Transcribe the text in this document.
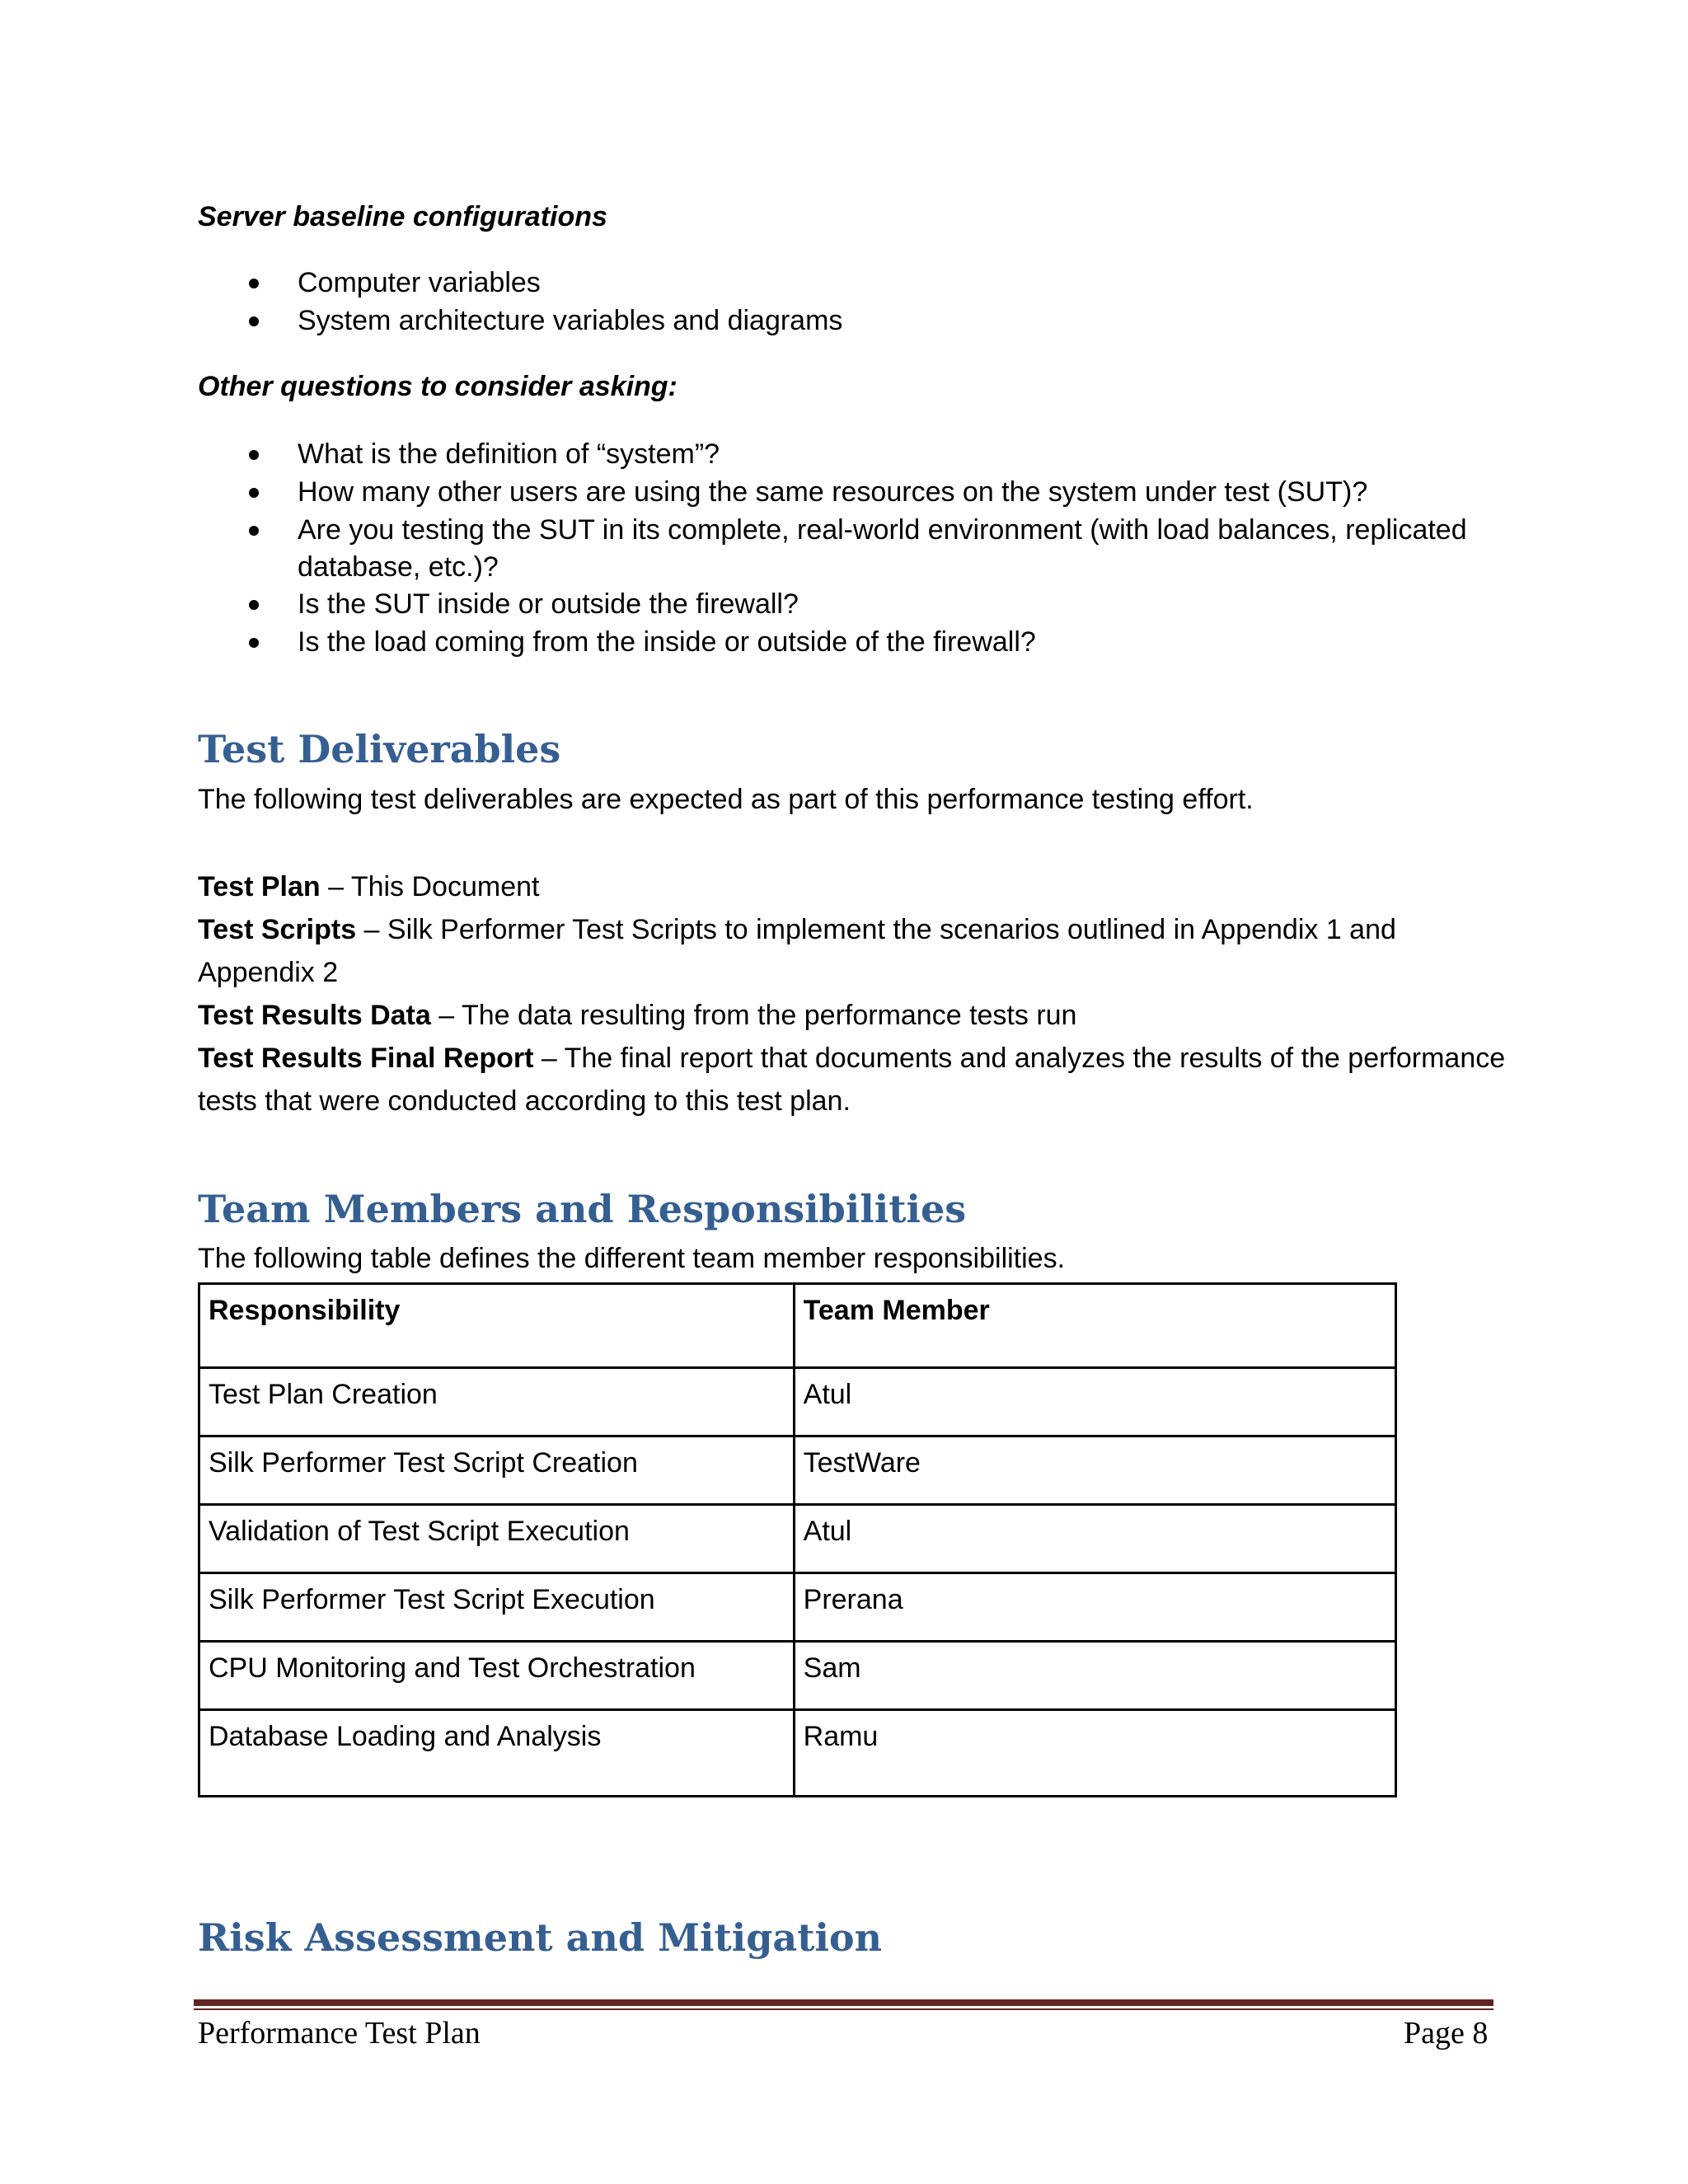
Server baseline configurations
Computer variables
System architecture variables and diagrams
Other questions to consider asking:
What is the definition of “system”?
How many other users are using the same resources on the system under test (SUT)?
Are you testing the SUT in its complete, real-world environment (with load balances, replicated
database, etc.)?
Is the SUT inside or outside the firewall?
Is the load coming from the inside or outside of the firewall?
Test Deliverables
The following test deliverables are expected as part of this performance testing effort.
Test Plan – This Document
Test Scripts – Silk Performer Test Scripts to implement the scenarios outlined in Appendix 1 and
Appendix 2
Test Results Data – The data resulting from the performance tests run
Test Results Final Report – The final report that documents and analyzes the results of the performance
tests that were conducted according to this test plan.
Team Members and Responsibilities
The following table defines the different team member responsibilities.
Responsibility	Team Member
Test Plan Creation	Atul
Silk Performer Test Script Creation	TestWare
Validation of Test Script Execution	Atul
Silk Performer Test Script Execution	Prerana
CPU Monitoring and Test Orchestration	Sam
Database Loading and Analysis	Ramu
Risk Assessment and Mitigation
Performance Test Plan	Page 8
